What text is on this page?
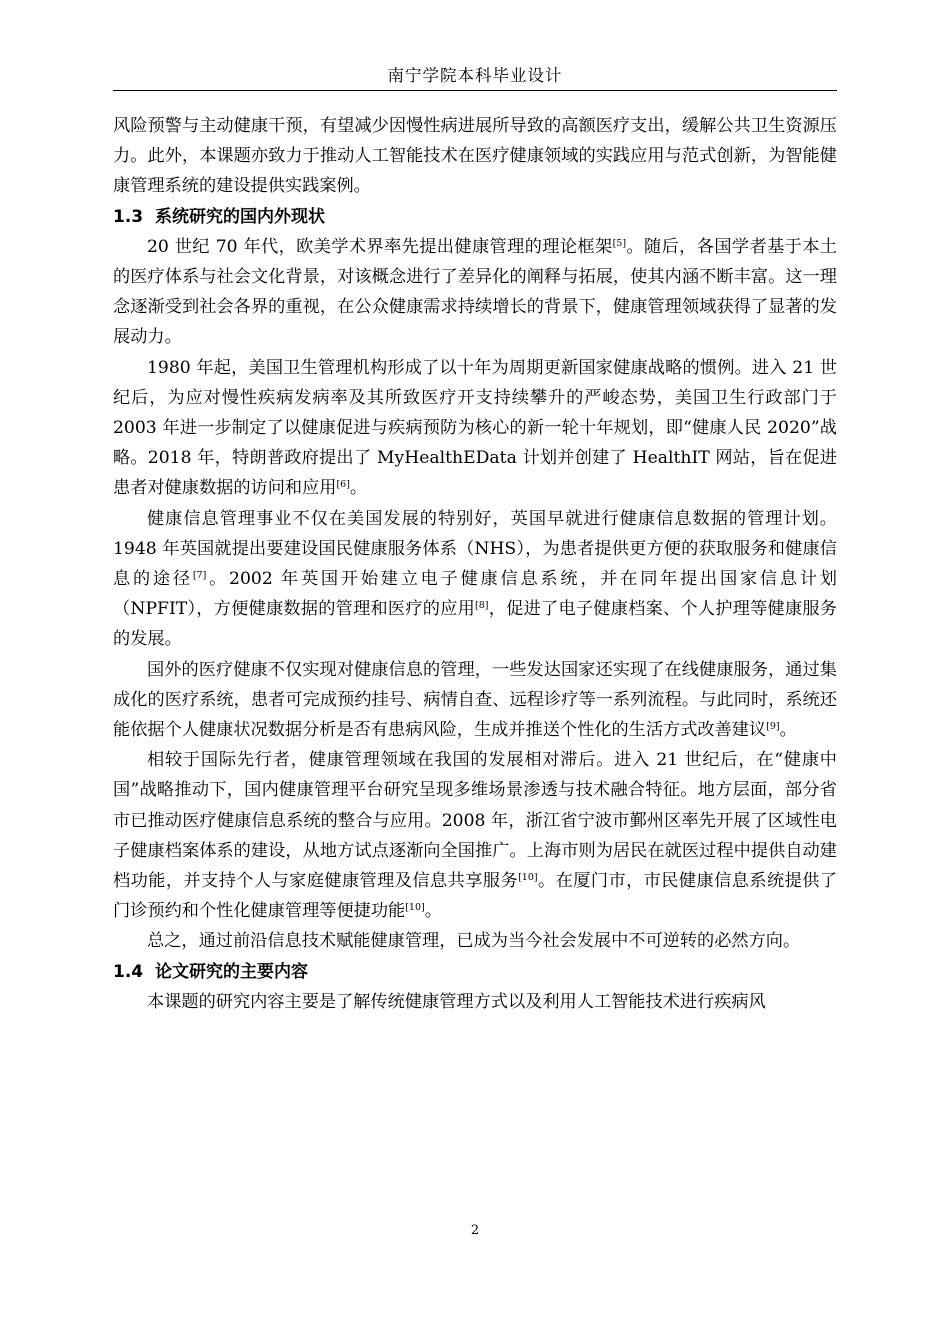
南宁学院本科毕业设计

风险预警与主动健康干预，有望减少因慢性病进展所导致的高额医疗支出，缓解公共卫生资源压力。此外，本课题亦致力于推动人工智能技术在医疗健康领域的实践应用与范式创新，为智能健康管理系统的建设提供实践案例。

1.3 系统研究的国内外现状

20 世纪 70 年代，欧美学术界率先提出健康管理的理论框架[5]。随后，各国学者基于本土的医疗体系与社会文化背景，对该概念进行了差异化的阐释与拓展，使其内涵不断丰富。这一理念逐渐受到社会各界的重视，在公众健康需求持续增长的背景下，健康管理领域获得了显著的发展动力。

1980 年起，美国卫生管理机构形成了以十年为周期更新国家健康战略的惯例。进入 21 世纪后，为应对慢性疾病发病率及其所致医疗开支持续攀升的严峻态势，美国卫生行政部门于 2003 年进一步制定了以健康促进与疾病预防为核心的新一轮十年规划，即“健康人民 2020”战略。2018 年，特朗普政府提出了 MyHealthEData 计划并创建了 HealthIT 网站，旨在促进患者对健康数据的访问和应用[6]。

健康信息管理事业不仅在美国发展的特别好，英国早就进行健康信息数据的管理计划。1948 年英国就提出要建设国民健康服务体系（NHS），为患者提供更方便的获取服务和健康信息的途径[7]。2002 年英国开始建立电子健康信息系统，并在同年提出国家信息计划（NPFIT），方便健康数据的管理和医疗的应用[8]，促进了电子健康档案、个人护理等健康服务的发展。

国外的医疗健康不仅实现对健康信息的管理，一些发达国家还实现了在线健康服务，通过集成化的医疗系统，患者可完成预约挂号、病情自查、远程诊疗等一系列流程。与此同时，系统还能依据个人健康状况数据分析是否有患病风险，生成并推送个性化的生活方式改善建议[9]。

相较于国际先行者，健康管理领域在我国的发展相对滞后。进入 21 世纪后，在“健康中国”战略推动下，国内健康管理平台研究呈现多维场景渗透与技术融合特征。地方层面，部分省市已推动医疗健康信息系统的整合与应用。2008 年，浙江省宁波市鄞州区率先开展了区域性电子健康档案体系的建设，从地方试点逐渐向全国推广。上海市则为居民在就医过程中提供自动建档功能，并支持个人与家庭健康管理及信息共享服务[10]。在厦门市，市民健康信息系统提供了门诊预约和个性化健康管理等便捷功能[10]。

总之，通过前沿信息技术赋能健康管理，已成为当今社会发展中不可逆转的必然方向。

1.4 论文研究的主要内容

本课题的研究内容主要是了解传统健康管理方式以及利用人工智能技术进行疾病风

2
